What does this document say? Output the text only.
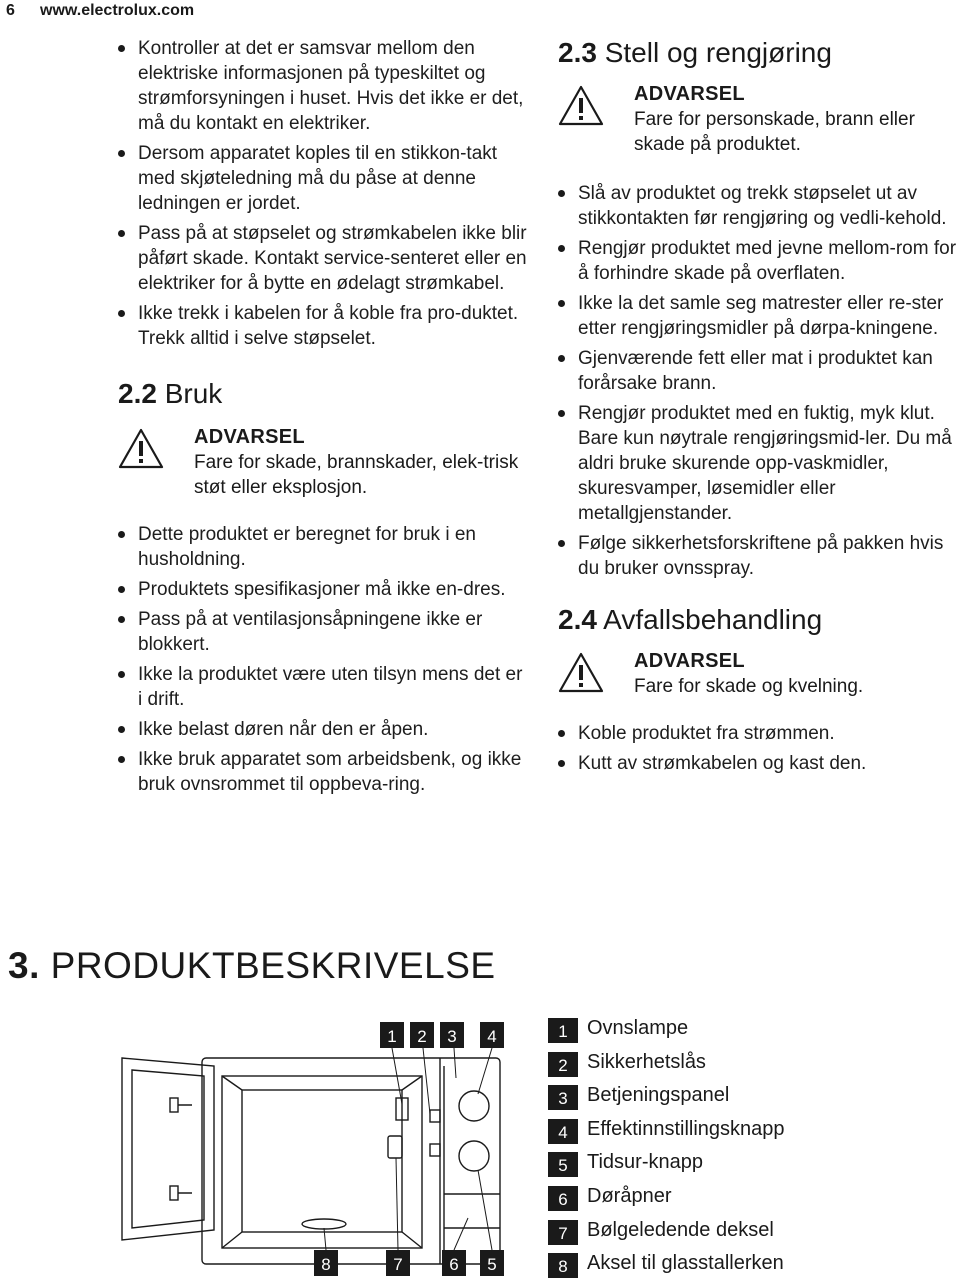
6 www.electrolux.com
Kontroller at det er samsvar mellom den elektriske informasjonen på typeskiltet og strømforsyningen i huset. Hvis det ikke er det, må du kontakt en elektriker.
Dersom apparatet koples til en stikkon-takt med skjøteledning må du påse at denne ledningen er jordet.
Pass på at støpselet og strømkabelen ikke blir påført skade. Kontakt service-senteret eller en elektriker for å bytte en ødelagt strømkabel.
Ikke trekk i kabelen for å koble fra pro-duktet. Trekk alltid i selve støpselet.
2.2 Bruk
ADVARSEL
Fare for skade, brannskader, elek-trisk støt eller eksplosjon.
Dette produktet er beregnet for bruk i en husholdning.
Produktets spesifikasjoner må ikke en-dres.
Pass på at ventilasjonsåpningene ikke er blokkert.
Ikke la produktet være uten tilsyn mens det er i drift.
Ikke belast døren når den er åpen.
Ikke bruk apparatet som arbeidsbenk, og ikke bruk ovnsrommet til oppbeva-ring.
2.3 Stell og rengjøring
ADVARSEL
Fare for personskade, brann eller skade på produktet.
Slå av produktet og trekk støpselet ut av stikkontakten før rengjøring og vedli-kehold.
Rengjør produktet med jevne mellom-rom for å forhindre skade på overflaten.
Ikke la det samle seg matrester eller re-ster etter rengjøringsmidler på dørpa-kningene.
Gjenværende fett eller mat i produktet kan forårsake brann.
Rengjør produktet med en fuktig, myk klut. Bare kun nøytrale rengjøringsmid-ler. Du må aldri bruke skurende opp-vaskmidler, skuresvamper, løsemidler eller metallgjenstander.
Følge sikkerhetsforskriftene på pakken hvis du bruker ovnsspray.
2.4 Avfallsbehandling
ADVARSEL
Fare for skade og kvelning.
Koble produktet fra strømmen.
Kutt av strømkabelen og kast den.
3. PRODUKTBESKRIVELSE
1 2 3 4
8	7	6 5
1 Ovnslampe
2 Sikkerhetslås
3 Betjeningspanel
4 Effektinnstillingsknapp
5 Tidsur-knapp
6 Døråpner
7 Bølgeledende deksel
8 Aksel til glasstallerken
